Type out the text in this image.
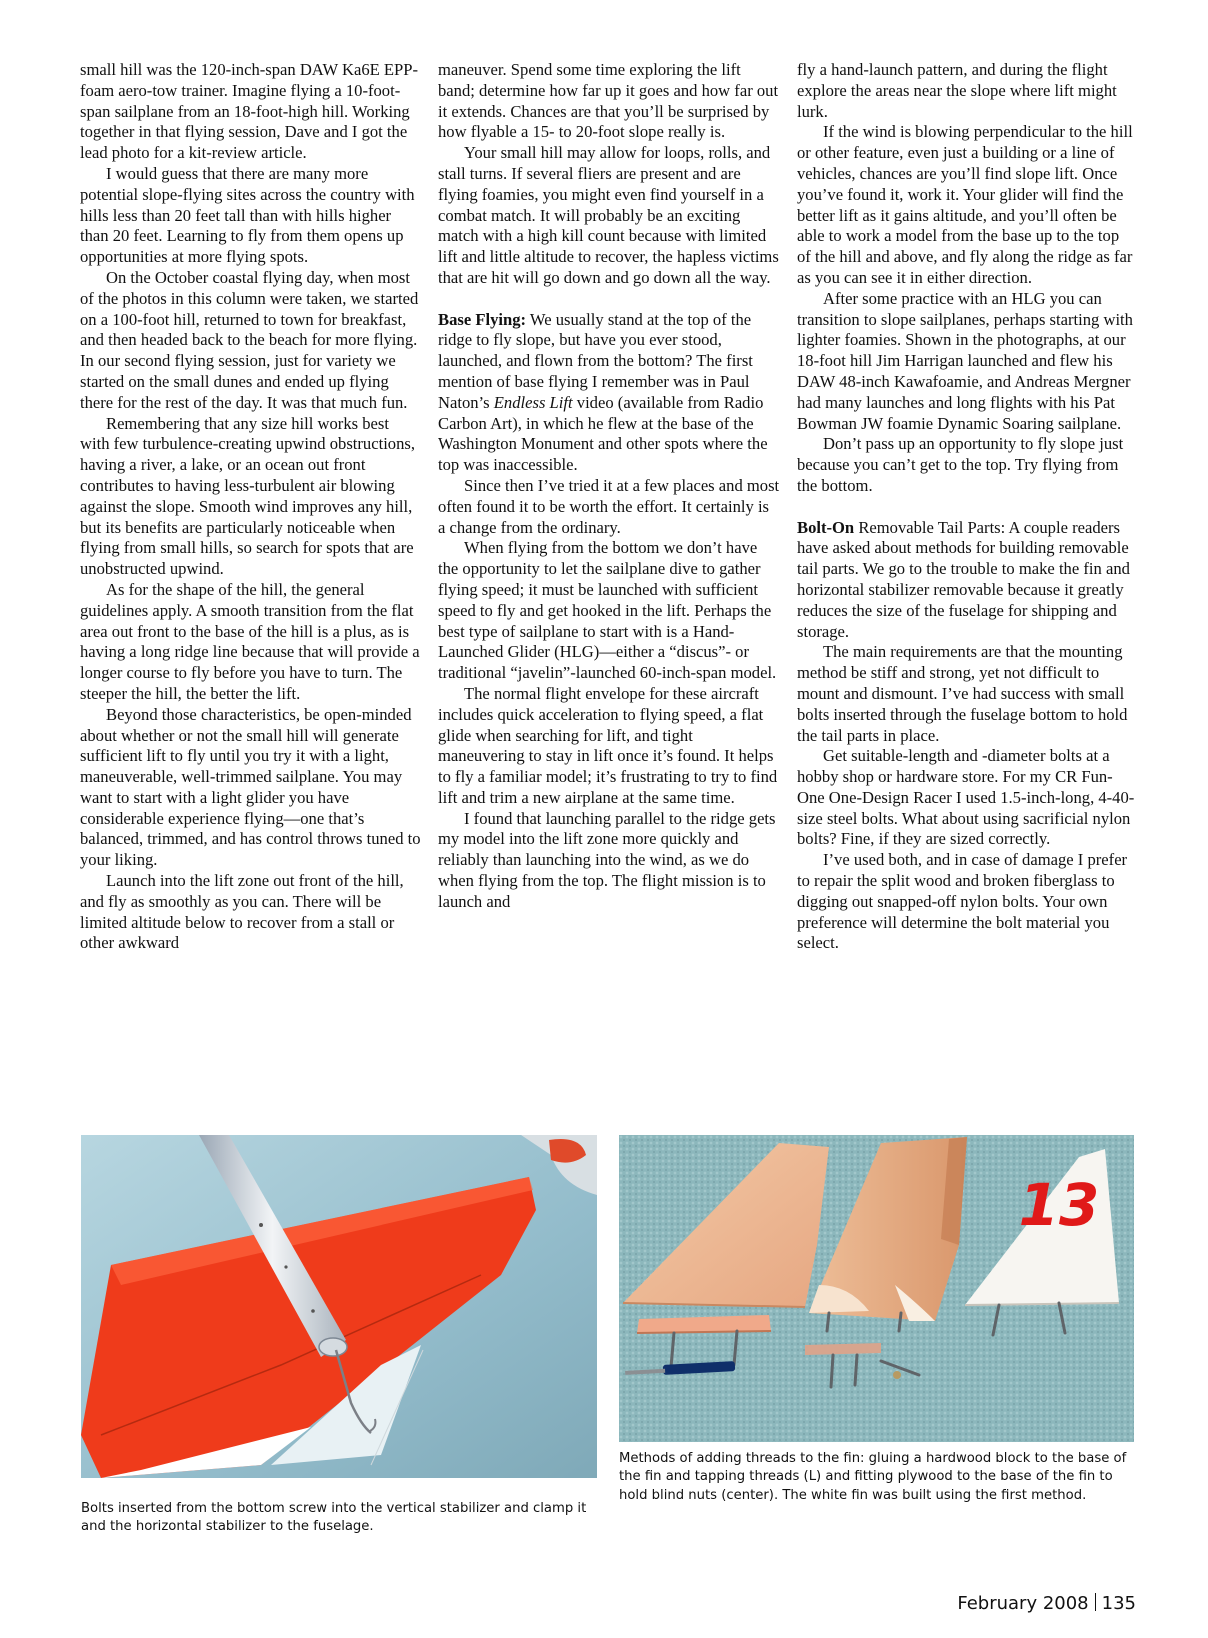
small hill was the 120-inch-span DAW Ka6E EPP-foam aero-tow trainer. Imagine flying a 10-foot-span sailplane from an 18-foot-high hill. Working together in that flying session, Dave and I got the lead photo for a kit-review article.

I would guess that there are many more potential slope-flying sites across the country with hills less than 20 feet tall than with hills higher than 20 feet. Learning to fly from them opens up opportunities at more flying spots.

On the October coastal flying day, when most of the photos in this column were taken, we started on a 100-foot hill, returned to town for breakfast, and then headed back to the beach for more flying. In our second flying session, just for variety we started on the small dunes and ended up flying there for the rest of the day. It was that much fun.

Remembering that any size hill works best with few turbulence-creating upwind obstructions, having a river, a lake, or an ocean out front contributes to having less-turbulent air blowing against the slope. Smooth wind improves any hill, but its benefits are particularly noticeable when flying from small hills, so search for spots that are unobstructed upwind.

As for the shape of the hill, the general guidelines apply. A smooth transition from the flat area out front to the base of the hill is a plus, as is having a long ridge line because that will provide a longer course to fly before you have to turn. The steeper the hill, the better the lift.

Beyond those characteristics, be open-minded about whether or not the small hill will generate sufficient lift to fly until you try it with a light, maneuverable, well-trimmed sailplane. You may want to start with a light glider you have considerable experience flying—one that’s balanced, trimmed, and has control throws tuned to your liking.

Launch into the lift zone out front of the hill, and fly as smoothly as you can. There will be limited altitude below to recover from a stall or other awkward

maneuver. Spend some time exploring the lift band; determine how far up it goes and how far out it extends. Chances are that you’ll be surprised by how flyable a 15- to 20-foot slope really is.

Your small hill may allow for loops, rolls, and stall turns. If several fliers are present and are flying foamies, you might even find yourself in a combat match. It will probably be an exciting match with a high kill count because with limited lift and little altitude to recover, the hapless victims that are hit will go down and go down all the way.

Base Flying: We usually stand at the top of the ridge to fly slope, but have you ever stood, launched, and flown from the bottom? The first mention of base flying I remember was in Paul Naton’s Endless Lift video (available from Radio Carbon Art), in which he flew at the base of the Washington Monument and other spots where the top was inaccessible.

Since then I’ve tried it at a few places and most often found it to be worth the effort. It certainly is a change from the ordinary.

When flying from the bottom we don’t have the opportunity to let the sailplane dive to gather flying speed; it must be launched with sufficient speed to fly and get hooked in the lift. Perhaps the best type of sailplane to start with is a Hand-Launched Glider (HLG)—either a “discus”- or traditional “javelin”-launched 60-inch-span model.

The normal flight envelope for these aircraft includes quick acceleration to flying speed, a flat glide when searching for lift, and tight maneuvering to stay in lift once it’s found. It helps to fly a familiar model; it’s frustrating to try to find lift and trim a new airplane at the same time.

I found that launching parallel to the ridge gets my model into the lift zone more quickly and reliably than launching into the wind, as we do when flying from the top. The flight mission is to launch and

fly a hand-launch pattern, and during the flight explore the areas near the slope where lift might lurk.

If the wind is blowing perpendicular to the hill or other feature, even just a building or a line of vehicles, chances are you’ll find slope lift. Once you’ve found it, work it. Your glider will find the better lift as it gains altitude, and you’ll often be able to work a model from the base up to the top of the hill and above, and fly along the ridge as far as you can see it in either direction.

After some practice with an HLG you can transition to slope sailplanes, perhaps starting with lighter foamies. Shown in the photographs, at our 18-foot hill Jim Harrigan launched and flew his DAW 48-inch Kawafoamie, and Andreas Mergner had many launches and long flights with his Pat Bowman JW foamie Dynamic Soaring sailplane.

Don’t pass up an opportunity to fly slope just because you can’t get to the top. Try flying from the bottom.

Bolt-On Removable Tail Parts: A couple readers have asked about methods for building removable tail parts. We go to the trouble to make the fin and horizontal stabilizer removable because it greatly reduces the size of the fuselage for shipping and storage.

The main requirements are that the mounting method be stiff and strong, yet not difficult to mount and dismount. I’ve had success with small bolts inserted through the fuselage bottom to hold the tail parts in place.

Get suitable-length and -diameter bolts at a hobby shop or hardware store. For my CR Fun-One One-Design Racer I used 1.5-inch-long, 4-40-size steel bolts. What about using sacrificial nylon bolts? Fine, if they are sized correctly.

I’ve used both, and in case of damage I prefer to repair the split wood and broken fiberglass to digging out snapped-off nylon bolts. Your own preference will determine the bolt material you select.

13
Bolts inserted from the bottom screw into the vertical stabilizer and clamp it and the horizontal stabilizer to the fuselage.
Methods of adding threads to the fin: gluing a hardwood block to the base of the fin and tapping threads (L) and fitting plywood to the base of the fin to hold blind nuts (center). The white fin was built using the first method.
February 2008 135
